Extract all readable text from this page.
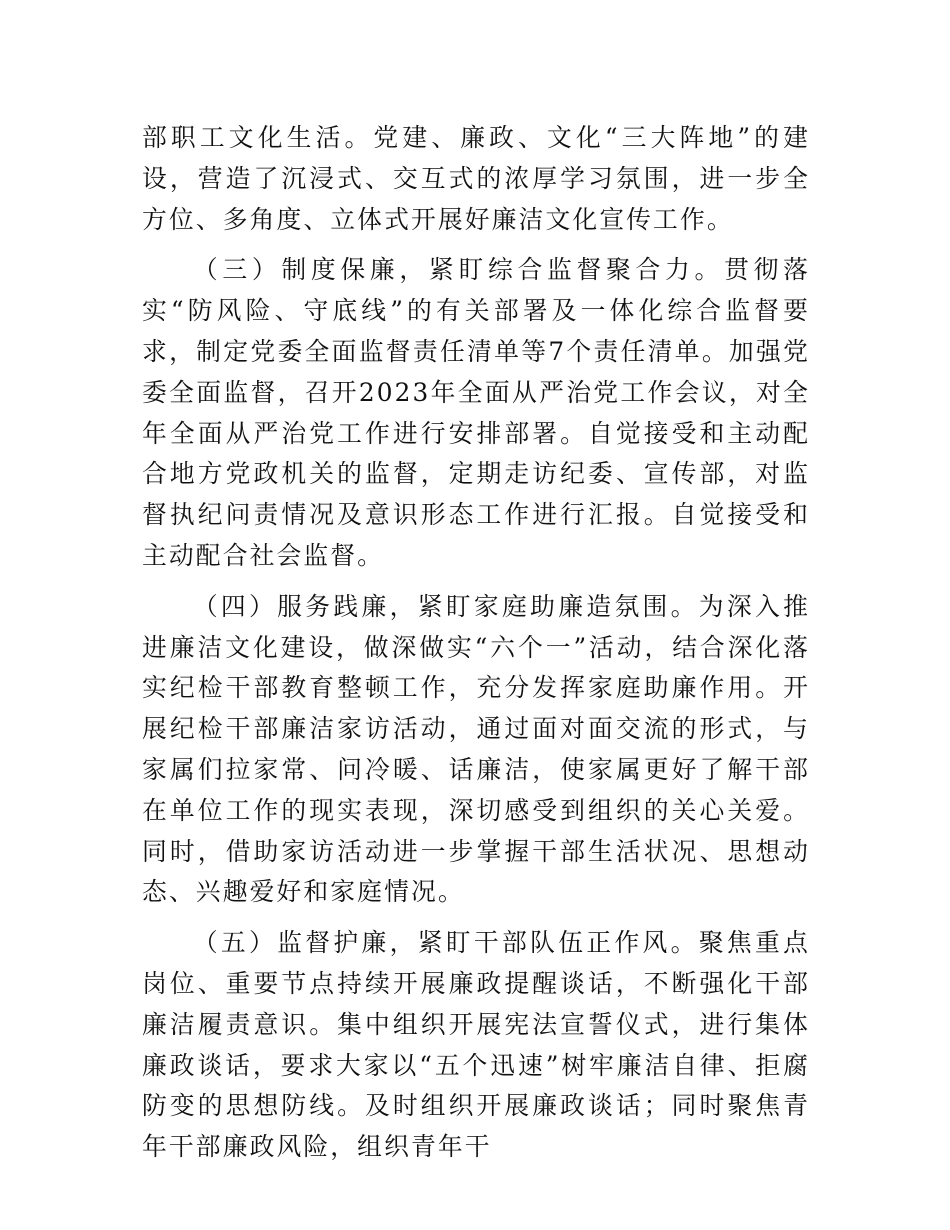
部职工文化生活。党建、廉政、文化“三大阵地”的建设，营造了沉浸式、交互式的浓厚学习氛围，进一步全方位、多角度、立体式开展好廉洁文化宣传工作。

（三）制度保廉，紧盯综合监督聚合力。贯彻落实“防风险、守底线”的有关部署及一体化综合监督要求，制定党委全面监督责任清单等7个责任清单。加强党委全面监督，召开2023年全面从严治党工作会议，对全年全面从严治党工作进行安排部署。自觉接受和主动配合地方党政机关的监督，定期走访纪委、宣传部，对监督执纪问责情况及意识形态工作进行汇报。自觉接受和主动配合社会监督。

（四）服务践廉，紧盯家庭助廉造氛围。为深入推进廉洁文化建设，做深做实“六个一”活动，结合深化落实纪检干部教育整顿工作，充分发挥家庭助廉作用。开展纪检干部廉洁家访活动，通过面对面交流的形式，与家属们拉家常、问冷暖、话廉洁，使家属更好了解干部在单位工作的现实表现，深切感受到组织的关心关爱。同时，借助家访活动进一步掌握干部生活状况、思想动态、兴趣爱好和家庭情况。

（五）监督护廉，紧盯干部队伍正作风。聚焦重点岗位、重要节点持续开展廉政提醒谈话，不断强化干部廉洁履责意识。集中组织开展宪法宣誓仪式，进行集体廉政谈话，要求大家以“五个迅速”树牢廉洁自律、拒腐防变的思想防线。及时组织开展廉政谈话；同时聚焦青年干部廉政风险，组织青年干
